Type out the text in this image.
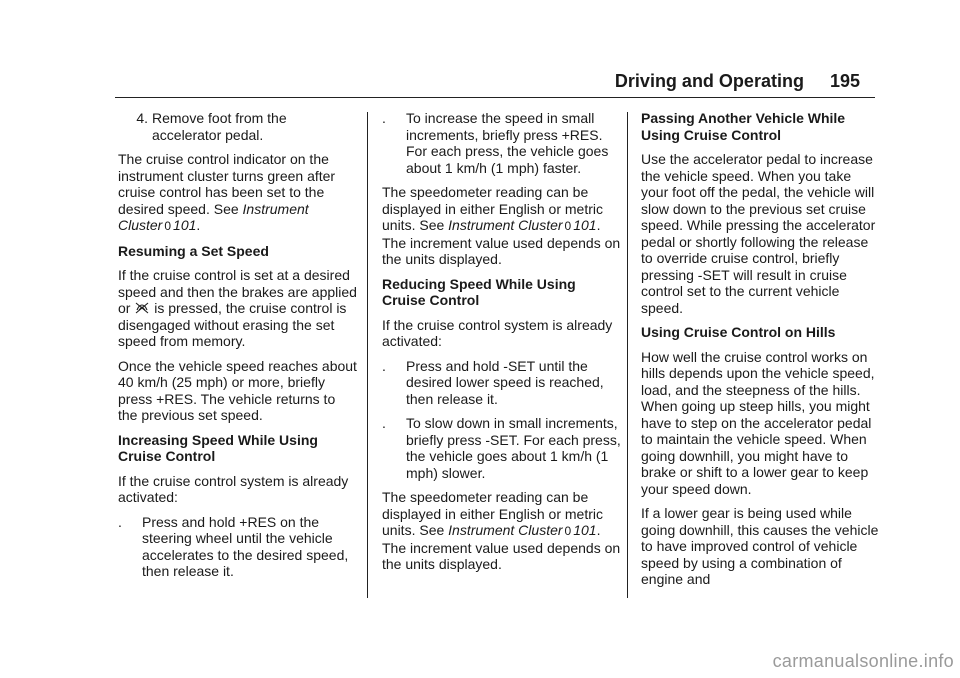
Driving and Operating 195
4. Remove foot from the accelerator pedal.

The cruise control indicator on the instrument cluster turns green after cruise control has been set to the desired speed. See Instrument Cluster 0 101.

Resuming a Set Speed

If the cruise control is set at a desired speed and then the brakes are applied or  is pressed, the cruise control is disengaged without erasing the set speed from memory.

Once the vehicle speed reaches about 40 km/h (25 mph) or more, briefly press +RES. The vehicle returns to the previous set speed.

Increasing Speed While Using Cruise Control

If the cruise control system is already activated:

.	Press and hold +RES on the steering wheel until the vehicle accelerates to the desired speed, then release it.
.	To increase the speed in small increments, briefly press +RES. For each press, the vehicle goes about 1 km/h (1 mph) faster.

The speedometer reading can be displayed in either English or metric units. See Instrument Cluster 0 101. The increment value used depends on the units displayed.

Reducing Speed While Using Cruise Control

If the cruise control system is already activated:

.	Press and hold -SET until the desired lower speed is reached, then release it.
.	To slow down in small increments, briefly press -SET. For each press, the vehicle goes about 1 km/h (1 mph) slower.

The speedometer reading can be displayed in either English or metric units. See Instrument Cluster 0 101. The increment value used depends on the units displayed.

Passing Another Vehicle While Using Cruise Control

Use the accelerator pedal to increase the vehicle speed. When you take your foot off the pedal, the vehicle will slow down to the previous set cruise speed. While pressing the accelerator pedal or shortly following the release to override cruise control, briefly pressing -SET will result in cruise control set to the current vehicle speed.

Using Cruise Control on Hills

How well the cruise control works on hills depends upon the vehicle speed, load, and the steepness of the hills. When going up steep hills, you might have to step on the accelerator pedal to maintain the vehicle speed. When going downhill, you might have to brake or shift to a lower gear to keep your speed down.

If a lower gear is being used while going downhill, this causes the vehicle to have improved control of vehicle speed by using a combination of engine and

carmanualsonline.info
